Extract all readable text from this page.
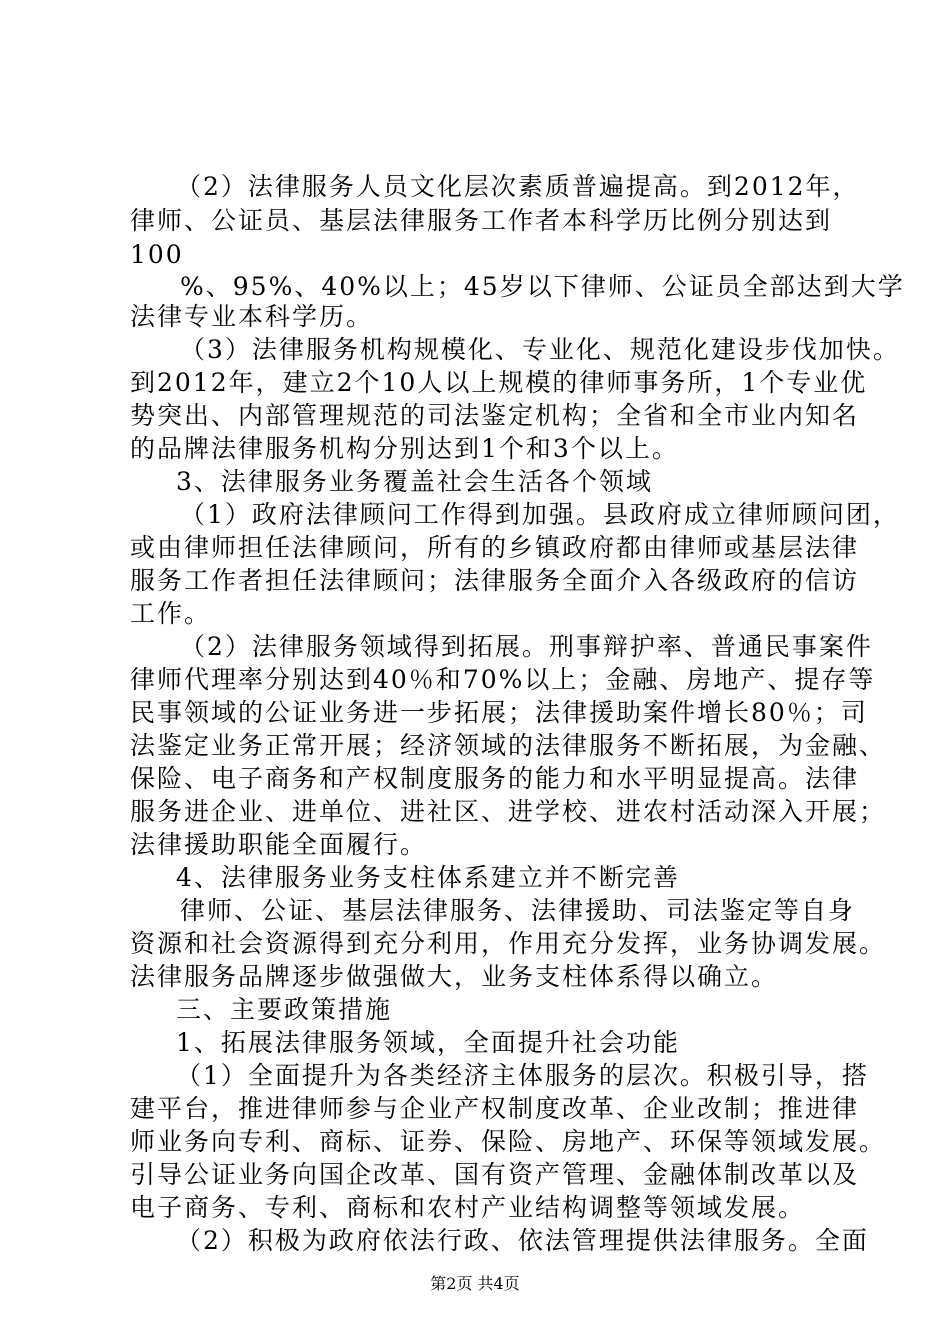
（2）法律服务人员文化层次素质普遍提高。到2012年，
律师、公证员、基层法律服务工作者本科学历比例分别达到
100
%、95%、40%以上；45岁以下律师、公证员全部达到大学
法律专业本科学历。
（3）法律服务机构规模化、专业化、规范化建设步伐加快。
到2012年，建立2个10人以上规模的律师事务所，1个专业优
势突出、内部管理规范的司法鉴定机构；全省和全市业内知名
的品牌法律服务机构分别达到1个和3个以上。
3、法律服务业务覆盖社会生活各个领域
（1）政府法律顾问工作得到加强。县政府成立律师顾问团，
或由律师担任法律顾问，所有的乡镇政府都由律师或基层法律
服务工作者担任法律顾问；法律服务全面介入各级政府的信访
工作。
（2）法律服务领域得到拓展。刑事辩护率、普通民事案件
律师代理率分别达到40％和70%以上；金融、房地产、提存等
民事领域的公证业务进一步拓展；法律援助案件增长80％；司
法鉴定业务正常开展；经济领域的法律服务不断拓展，为金融、
保险、电子商务和产权制度服务的能力和水平明显提高。法律
服务进企业、进单位、进社区、进学校、进农村活动深入开展；
法律援助职能全面履行。
4、法律服务业务支柱体系建立并不断完善
律师、公证、基层法律服务、法律援助、司法鉴定等自身
资源和社会资源得到充分利用，作用充分发挥，业务协调发展。
法律服务品牌逐步做强做大，业务支柱体系得以确立。
三、主要政策措施
1、拓展法律服务领域，全面提升社会功能
（1）全面提升为各类经济主体服务的层次。积极引导，搭
建平台，推进律师参与企业产权制度改革、企业改制；推进律
师业务向专利、商标、证券、保险、房地产、环保等领域发展。
引导公证业务向国企改革、国有资产管理、金融体制改革以及
电子商务、专利、商标和农村产业结构调整等领域发展。
（2）积极为政府依法行政、依法管理提供法律服务。全面
第2页 共4页
